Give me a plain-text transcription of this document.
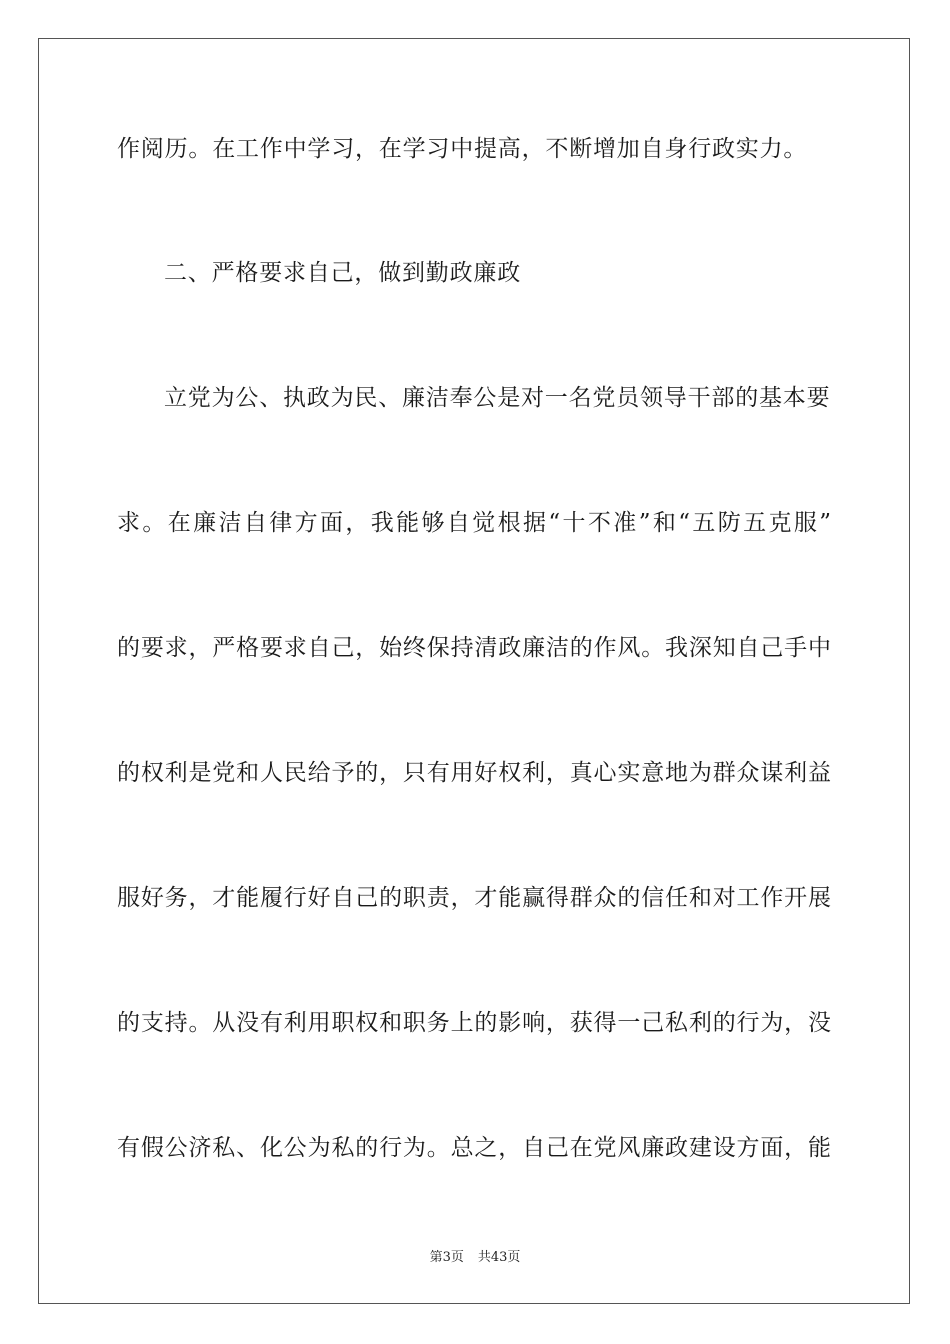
作阅历。在工作中学习，在学习中提高，不断增加自身行政实力。
二、严格要求自己，做到勤政廉政
立党为公、执政为民、廉洁奉公是对一名党员领导干部的基本要
求。在廉洁自律方面，我能够自觉根据“十不准”和“五防五克服”
的要求，严格要求自己，始终保持清政廉洁的作风。我深知自己手中
的权利是党和人民给予的，只有用好权利，真心实意地为群众谋利益
服好务，才能履行好自己的职责，才能赢得群众的信任和对工作开展
的支持。从没有利用职权和职务上的影响，获得一己私利的行为，没
有假公济私、化公为私的行为。总之，自己在党风廉政建设方面，能
第3页 共43页
